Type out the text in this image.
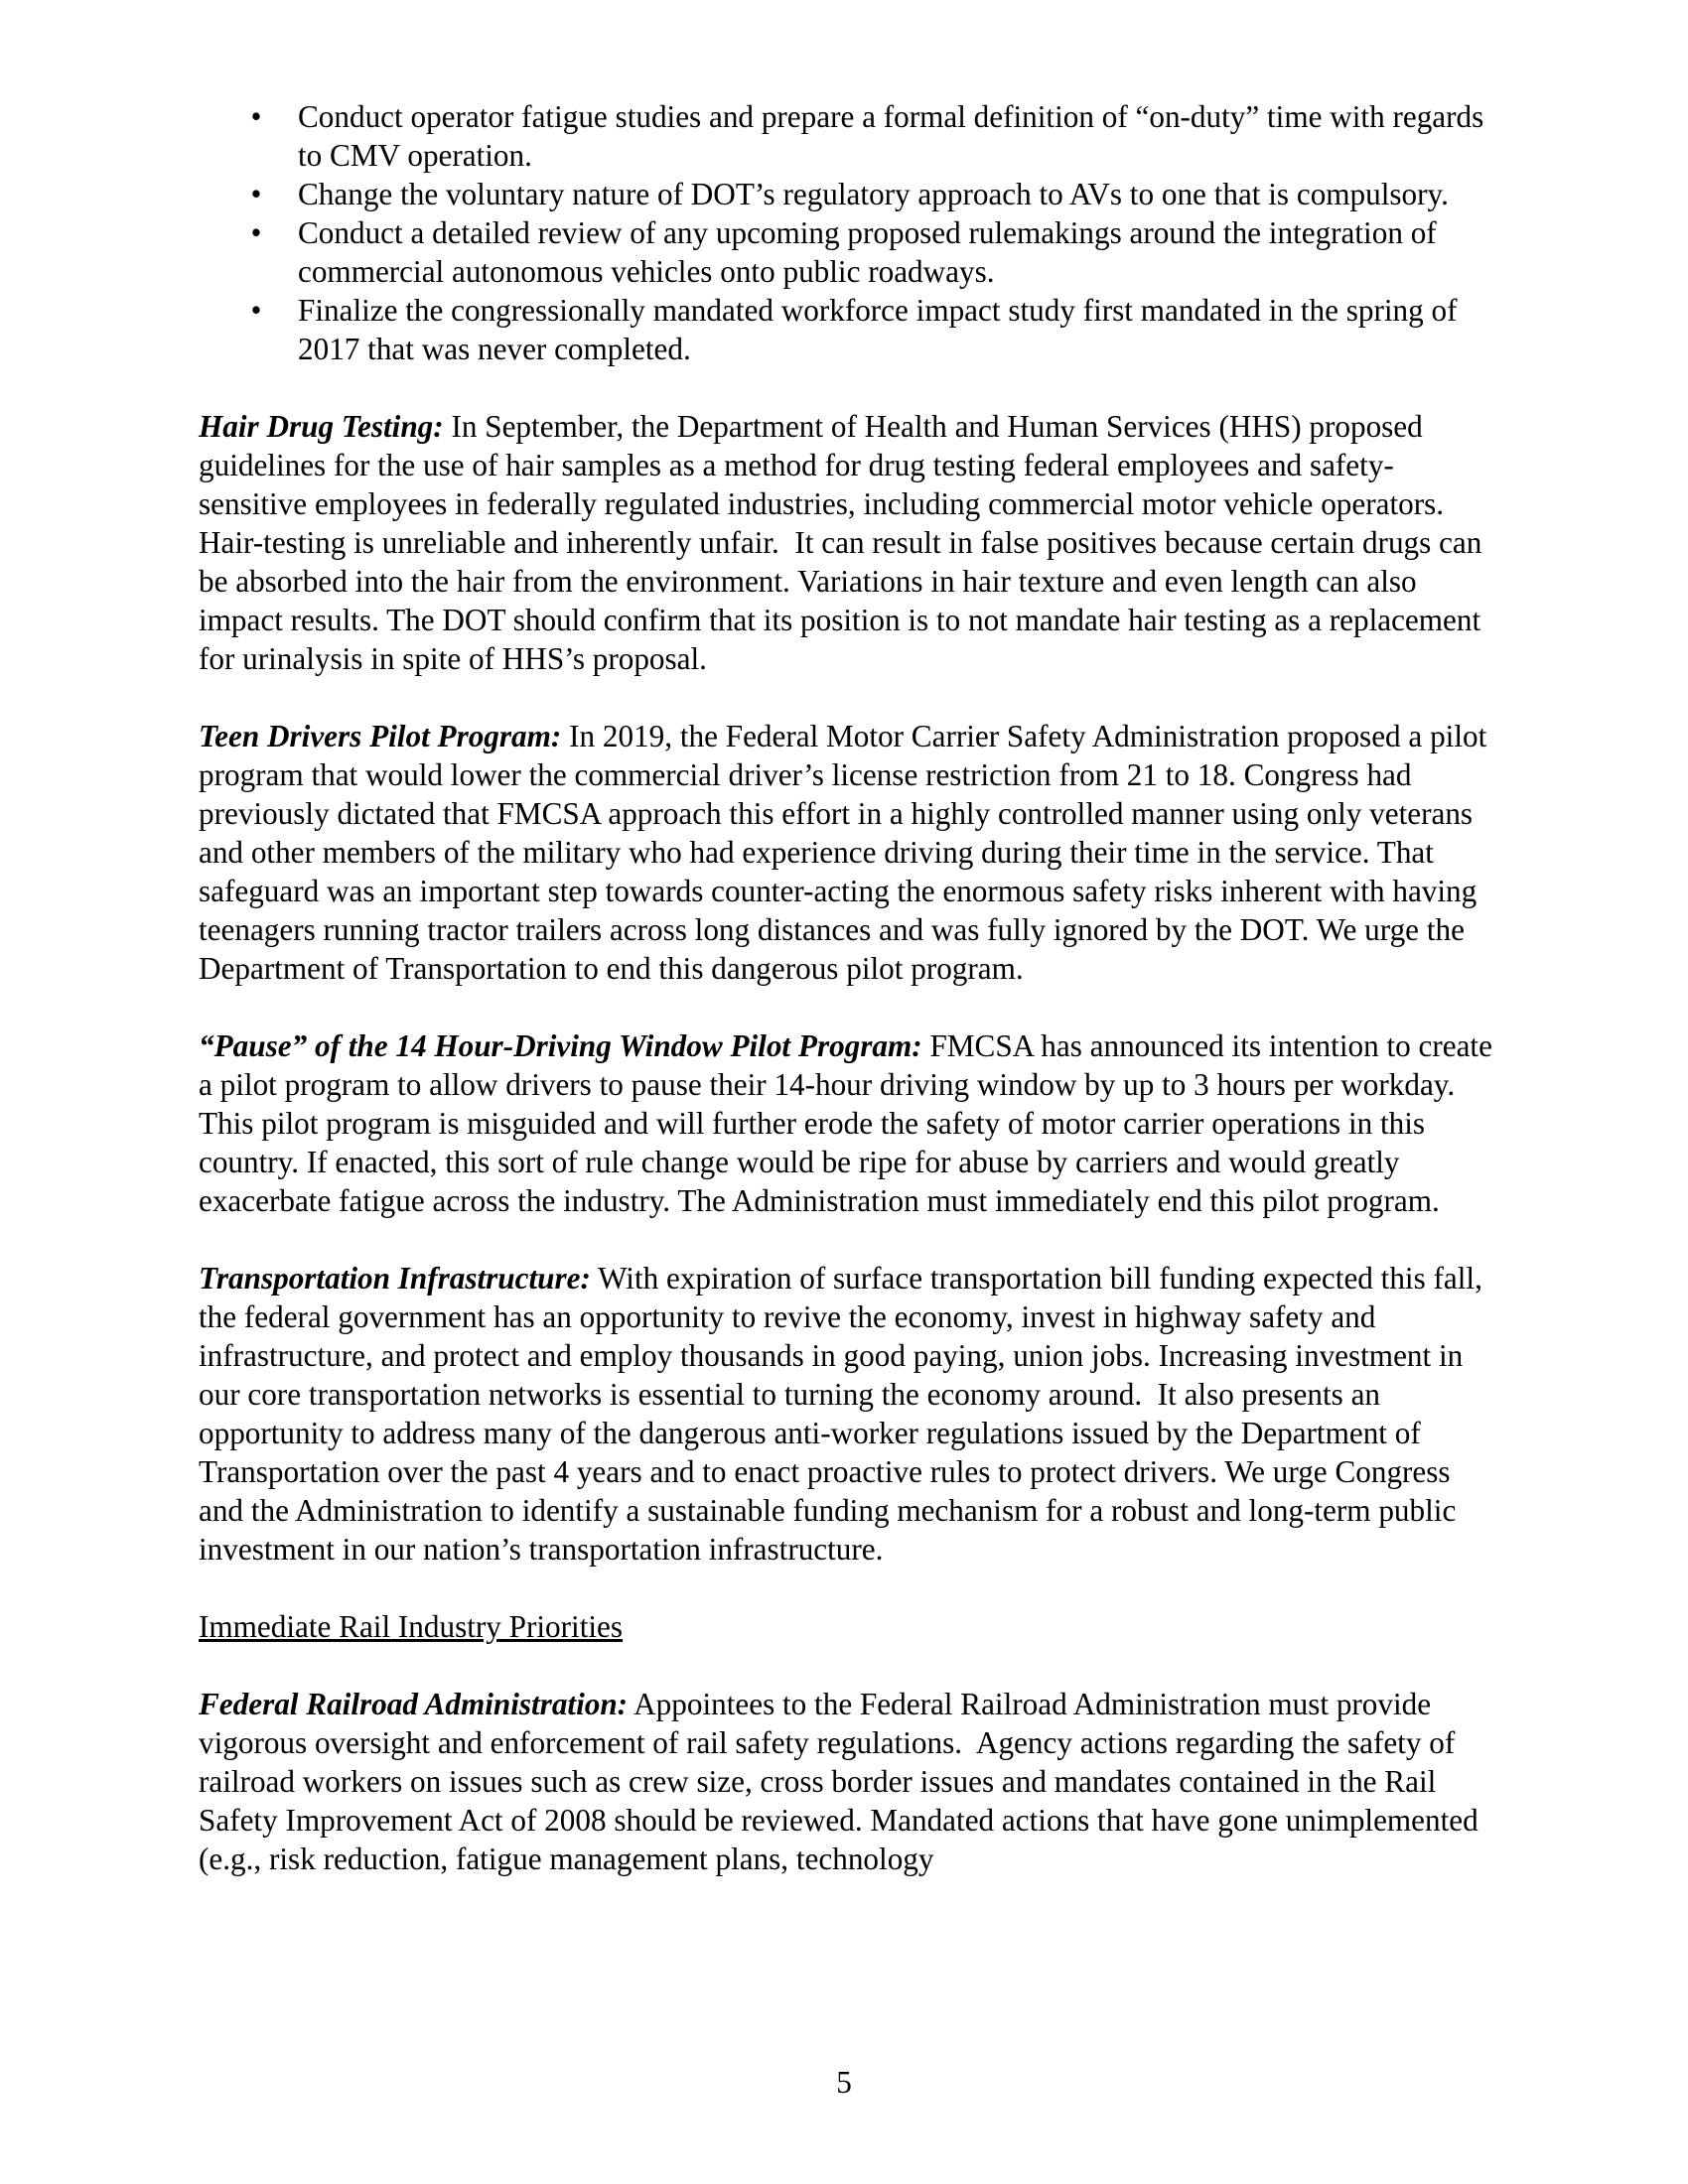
• Conduct operator fatigue studies and prepare a formal definition of “on-duty” time with regards to CMV operation.
• Change the voluntary nature of DOT’s regulatory approach to AVs to one that is compulsory.
• Conduct a detailed review of any upcoming proposed rulemakings around the integration of commercial autonomous vehicles onto public roadways.
• Finalize the congressionally mandated workforce impact study first mandated in the spring of 2017 that was never completed.

Hair Drug Testing: In September, the Department of Health and Human Services (HHS) proposed guidelines for the use of hair samples as a method for drug testing federal employees and safety-sensitive employees in federally regulated industries, including commercial motor vehicle operators.   Hair-testing is unreliable and inherently unfair.  It can result in false positives because certain drugs can be absorbed into the hair from the environment. Variations in hair texture and even length can also impact results. The DOT should confirm that its position is to not mandate hair testing as a replacement for urinalysis in spite of HHS’s proposal.

Teen Drivers Pilot Program: In 2019, the Federal Motor Carrier Safety Administration proposed a pilot program that would lower the commercial driver’s license restriction from 21 to 18. Congress had previously dictated that FMCSA approach this effort in a highly controlled manner using only veterans and other members of the military who had experience driving during their time in the service. That safeguard was an important step towards counter-acting the enormous safety risks inherent with having teenagers running tractor trailers across long distances and was fully ignored by the DOT. We urge the Department of Transportation to end this dangerous pilot program.

“Pause” of the 14 Hour-Driving Window Pilot Program: FMCSA has announced its intention to create a pilot program to allow drivers to pause their 14-hour driving window by up to 3 hours per workday. This pilot program is misguided and will further erode the safety of motor carrier operations in this country. If enacted, this sort of rule change would be ripe for abuse by carriers and would greatly exacerbate fatigue across the industry. The Administration must immediately end this pilot program.

Transportation Infrastructure: With expiration of surface transportation bill funding expected this fall, the federal government has an opportunity to revive the economy, invest in highway safety and infrastructure, and protect and employ thousands in good paying, union jobs. Increasing investment in our core transportation networks is essential to turning the economy around.  It also presents an opportunity to address many of the dangerous anti-worker regulations issued by the Department of Transportation over the past 4 years and to enact proactive rules to protect drivers. We urge Congress and the Administration to identify a sustainable funding mechanism for a robust and long-term public investment in our nation’s transportation infrastructure.

Immediate Rail Industry Priorities

Federal Railroad Administration: Appointees to the Federal Railroad Administration must provide vigorous oversight and enforcement of rail safety regulations.  Agency actions regarding the safety of railroad workers on issues such as crew size, cross border issues and mandates contained in the Rail Safety Improvement Act of 2008 should be reviewed. Mandated actions that have gone unimplemented (e.g., risk reduction, fatigue management plans, technology

5
